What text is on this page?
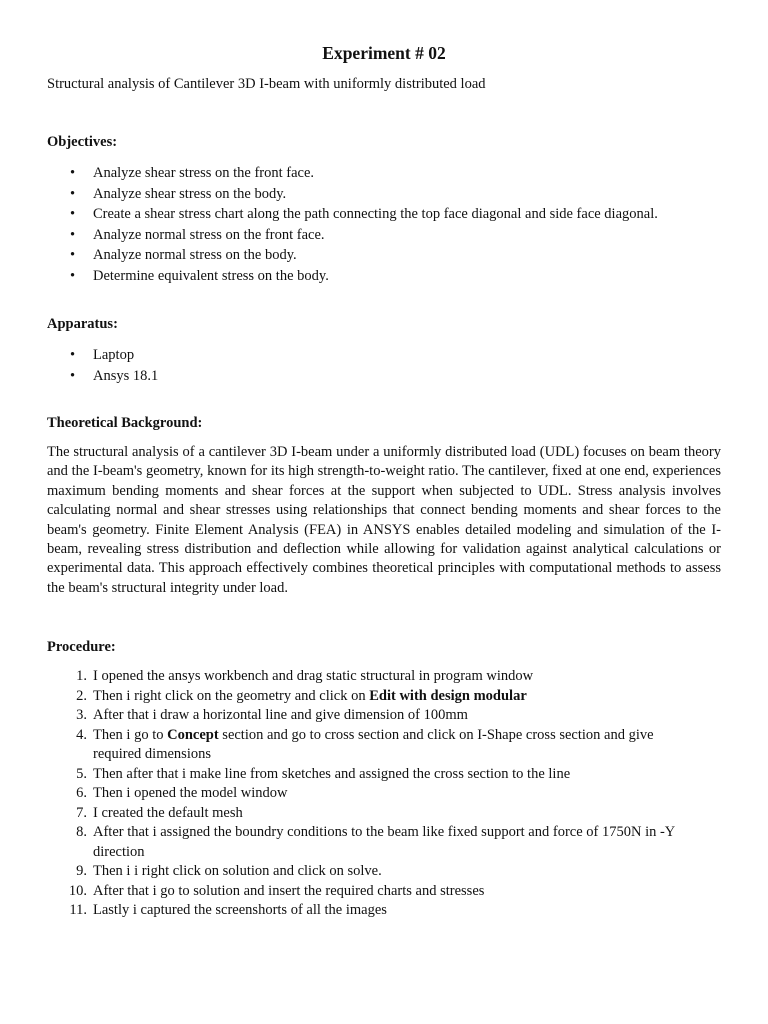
Experiment # 02
Structural analysis of Cantilever 3D I-beam with uniformly distributed load
Objectives:
• Analyze shear stress on the front face.
• Analyze shear stress on the body.
• Create a shear stress chart along the path connecting the top face diagonal and side face diagonal.
• Analyze normal stress on the front face.
• Analyze normal stress on the body.
• Determine equivalent stress on the body.
Apparatus:
• Laptop
• Ansys 18.1
Theoretical Background:
The structural analysis of a cantilever 3D I-beam under a uniformly distributed load (UDL) focuses on beam theory and the I-beam's geometry, known for its high strength-to-weight ratio. The cantilever, fixed at one end, experiences maximum bending moments and shear forces at the support when subjected to UDL. Stress analysis involves calculating normal and shear stresses using relationships that connect bending moments and shear forces to the beam's geometry. Finite Element Analysis (FEA) in ANSYS enables detailed modeling and simulation of the I-beam, revealing stress distribution and deflection while allowing for validation against analytical calculations or experimental data. This approach effectively combines theoretical principles with computational methods to assess the beam's structural integrity under load.
Procedure:
1. I opened the ansys workbench and drag static structural in program window
2. Then i right click on the geometry and click on Edit with design modular
3. After that i draw a horizontal line and give dimension of 100mm
4. Then i go to Concept section and go to cross section and click on I-Shape cross section and give required dimensions
5. Then after that i make line from sketches and assigned the cross section to the line
6. Then i opened the model window
7. I created the default mesh
8. After that i assigned the boundry conditions to the beam like fixed support and force of 1750N in -Y direction
9. Then i i right click on solution and click on solve.
10. After that i go to solution and insert the required charts and stresses
11. Lastly i captured the screenshorts of all the images
